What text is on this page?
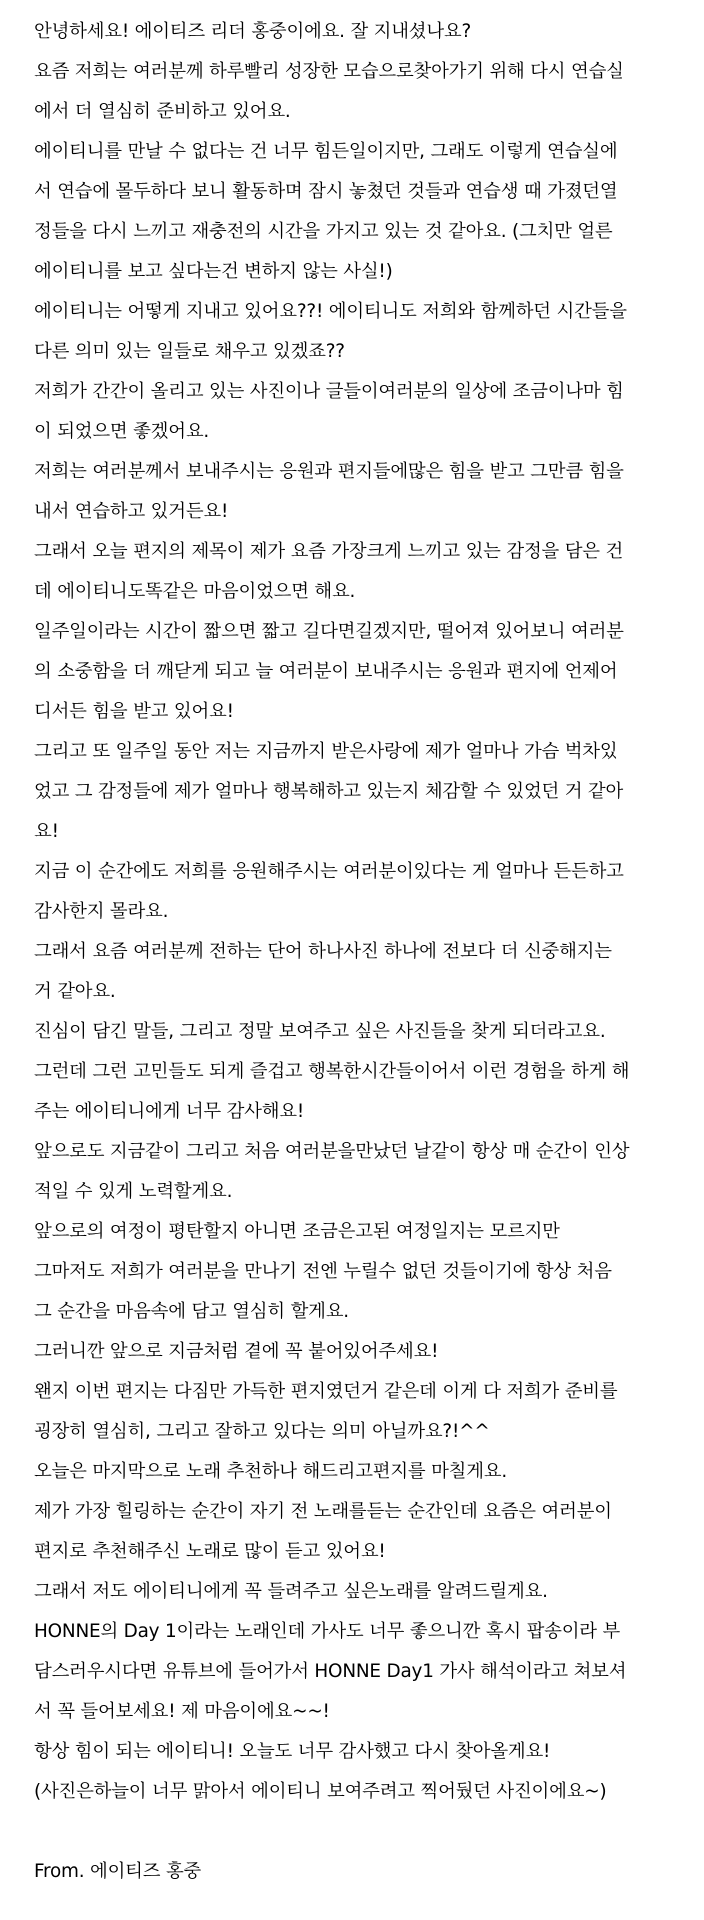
안녕하세요! 에이티즈 리더 홍중이에요. 잘 지내셨나요?
요즘 저희는 여러분께 하루빨리 성장한 모습으로찾아가기 위해 다시 연습실
에서 더 열심히 준비하고 있어요.
에이티니를 만날 수 없다는 건 너무 힘든일이지만, 그래도 이렇게 연습실에
서 연습에 몰두하다 보니 활동하며 잠시 놓쳤던 것들과 연습생 때 가졌던열
정들을 다시 느끼고 재충전의 시간을 가지고 있는 것 같아요. (그치만 얼른
에이티니를 보고 싶다는건 변하지 않는 사실!)
에이티니는 어떻게 지내고 있어요??! 에이티니도 저희와 함께하던 시간들을
다른 의미 있는 일들로 채우고 있겠죠??
저희가 간간이 올리고 있는 사진이나 글들이여러분의 일상에 조금이나마 힘
이 되었으면 좋겠어요.
저희는 여러분께서 보내주시는 응원과 편지들에많은 힘을 받고 그만큼 힘을
내서 연습하고 있거든요!
그래서 오늘 편지의 제목이 제가 요즘 가장크게 느끼고 있는 감정을 담은 건
데 에이티니도똑같은 마음이었으면 해요.
일주일이라는 시간이 짧으면 짧고 길다면길겠지만, 떨어져 있어보니 여러분
의 소중함을 더 깨닫게 되고 늘 여러분이 보내주시는 응원과 편지에 언제어
디서든 힘을 받고 있어요!
그리고 또 일주일 동안 저는 지금까지 받은사랑에 제가 얼마나 가슴 벅차있
었고 그 감정들에 제가 얼마나 행복해하고 있는지 체감할 수 있었던 거 같아
요!
지금 이 순간에도 저희를 응원해주시는 여러분이있다는 게 얼마나 든든하고
감사한지 몰라요.
그래서 요즘 여러분께 전하는 단어 하나사진 하나에 전보다 더 신중해지는
거 같아요.
진심이 담긴 말들, 그리고 정말 보여주고 싶은 사진들을 찾게 되더라고요.
그런데 그런 고민들도 되게 즐겁고 행복한시간들이어서 이런 경험을 하게 해
주는 에이티니에게 너무 감사해요!
앞으로도 지금같이 그리고 처음 여러분을만났던 날같이 항상 매 순간이 인상
적일 수 있게 노력할게요.
앞으로의 여정이 평탄할지 아니면 조금은고된 여정일지는 모르지만
그마저도 저희가 여러분을 만나기 전엔 누릴수 없던 것들이기에 항상 처음
그 순간을 마음속에 담고 열심히 할게요.
그러니깐 앞으로 지금처럼 곁에 꼭 붙어있어주세요!
왠지 이번 편지는 다짐만 가득한 편지였던거 같은데 이게 다 저희가 준비를
굉장히 열심히, 그리고 잘하고 있다는 의미 아닐까요?!^^
오늘은 마지막으로 노래 추천하나 해드리고편지를 마칠게요.
제가 가장 힐링하는 순간이 자기 전 노래를듣는 순간인데 요즘은 여러분이
편지로 추천해주신 노래로 많이 듣고 있어요!
그래서 저도 에이티니에게 꼭 들려주고 싶은노래를 알려드릴게요.
HONNE의 Day 1이라는 노래인데 가사도 너무 좋으니깐 혹시 팝송이라 부
담스러우시다면 유튜브에 들어가서 HONNE Day1 가사 해석이라고 쳐보셔
서 꼭 들어보세요! 제 마음이에요~~!
항상 힘이 되는 에이티니! 오늘도 너무 감사했고 다시 찾아올게요!
(사진은하늘이 너무 맑아서 에이티니 보여주려고 찍어뒀던 사진이에요~)
From. 에이티즈 홍중
